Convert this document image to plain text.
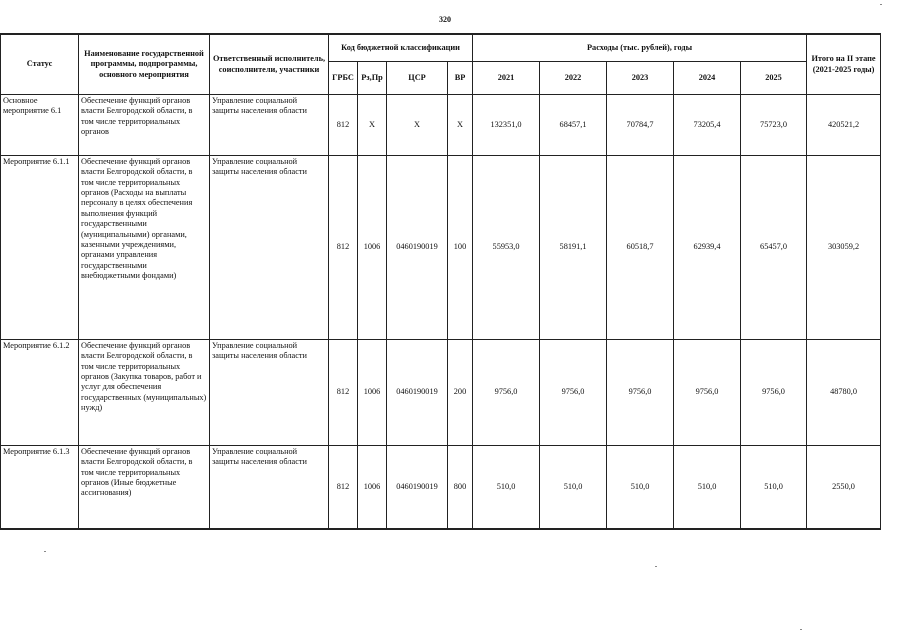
320
Статус	Наименование государственной программы, подпрограммы, основного мероприятия	Ответственный исполнитель, соисполнители, участники	Код бюджетной классификации				Расходы (тыс. рублей), годы					Итого на II этапе (2021-2025 годы)
			ГРБС	Рз,Пр	ЦСР	ВР	2021	2022	2023	2024	2025	
Основное мероприятие 6.1	Обеспечение функций органов власти Белгородской области, в том числе территориальных органов	Управление социальной защиты населения области	812	Х	Х	Х	132351,0	68457,1	70784,7	73205,4	75723,0	420521,2
Мероприятие 6.1.1	Обеспечение функций органов власти Белгородской области, в том числе территориальных органов (Расходы на выплаты персоналу в целях обеспечения выполнения функций государственными (муниципальными) органами, казенными учреждениями, органами управления государственными внебюджетными фондами)	Управление социальной защиты населения области	812	1006	0460190019	100	55953,0	58191,1	60518,7	62939,4	65457,0	303059,2
Мероприятие 6.1.2	Обеспечение функций органов власти Белгородской области, в том числе территориальных органов (Закупка товаров, работ и услуг для обеспечения государственных (муниципальных) нужд)	Управление социальной защиты населения области	812	1006	0460190019	200	9756,0	9756,0	9756,0	9756,0	9756,0	48780,0
Мероприятие 6.1.3	Обеспечение функций органов власти Белгородской области, в том числе территориальных органов (Иные бюджетные ассигнования)	Управление социальной защиты населения области	812	1006	0460190019	800	510,0	510,0	510,0	510,0	510,0	2550,0
